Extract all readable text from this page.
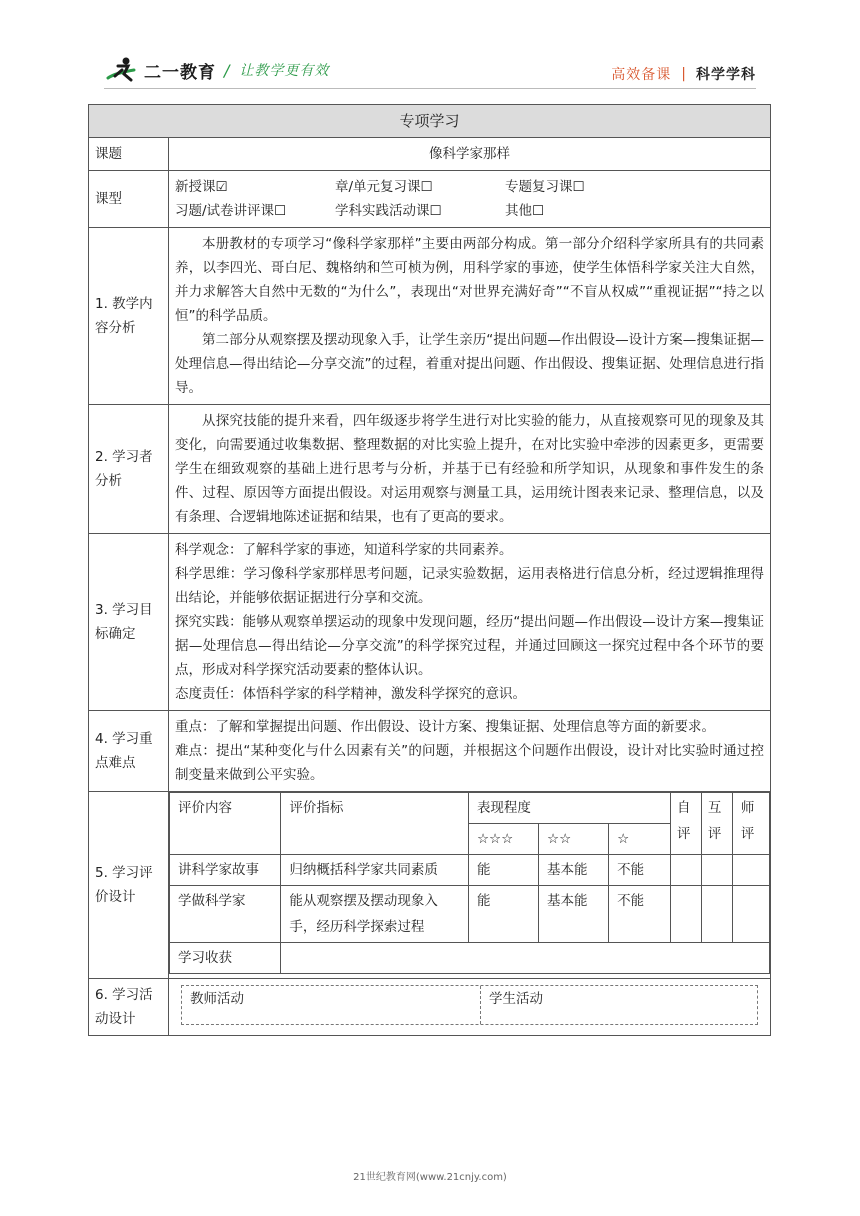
二一教育 / 让教学更有效	高效备课 | 科学学科
专项学习
课题	像科学家那样
课型	
新授课☑	章/单元复习课☐	专题复习课☐
习题/试卷讲评课☐	学科实践活动课☐	其他☐

1. 教学内容分析	

本册教材的专项学习“像科学家那样”主要由两部分构成。第一部分介绍科学家所具有的共同素养，以李四光、哥白尼、魏格纳和竺可桢为例，用科学家的事迹，使学生体悟科学家关注大自然，并力求解答大自然中无数的“为什么”，表现出“对世界充满好奇”“不盲从权威”“重视证据”“持之以恒”的科学品质。

第二部分从观察摆及摆动现象入手，让学生亲历“提出问题—作出假设—设计方案—搜集证据—处理信息—得出结论—分享交流”的过程，着重对提出问题、作出假设、搜集证据、处理信息进行指导。

2. 学习者分析	

从探究技能的提升来看，四年级逐步将学生进行对比实验的能力，从直接观察可见的现象及其变化，向需要通过收集数据、整理数据的对比实验上提升，在对比实验中牵涉的因素更多，更需要学生在细致观察的基础上进行思考与分析，并基于已有经验和所学知识，从现象和事件发生的条件、过程、原因等方面提出假设。对运用观察与测量工具，运用统计图表来记录、整理信息，以及有条理、合逻辑地陈述证据和结果，也有了更高的要求。

3. 学习目标确定	

科学观念：了解科学家的事迹，知道科学家的共同素养。

科学思维：学习像科学家那样思考问题，记录实验数据，运用表格进行信息分析，经过逻辑推理得出结论，并能够依据证据进行分享和交流。

探究实践：能够从观察单摆运动的现象中发现问题，经历“提出问题—作出假设—设计方案—搜集证据—处理信息—得出结论—分享交流”的科学探究过程，并通过回顾这一探究过程中各个环节的要点，形成对科学探究活动要素的整体认识。

态度责任：体悟科学家的科学精神，激发科学探究的意识。

4. 学习重点难点	

重点：了解和掌握提出问题、作出假设、设计方案、搜集证据、处理信息等方面的新要求。

难点：提出“某种变化与什么因素有关”的问题，并根据这个问题作出假设，设计对比实验时通过控制变量来做到公平实验。

5. 学习评价设计	
评价内容	评价指标	表现程度	自评	互评	师评
☆☆☆	☆☆	☆
讲科学家故事	归纳概括科学家共同素质	能	基本能	不能			
学做科学家	能从观察摆及摆动现象入手，经历科学探索过程	能	基本能	不能			
学习收获	

6. 学习活动设计	
教师活动	学生活动
21世纪教育网(www.21cnjy.com)
